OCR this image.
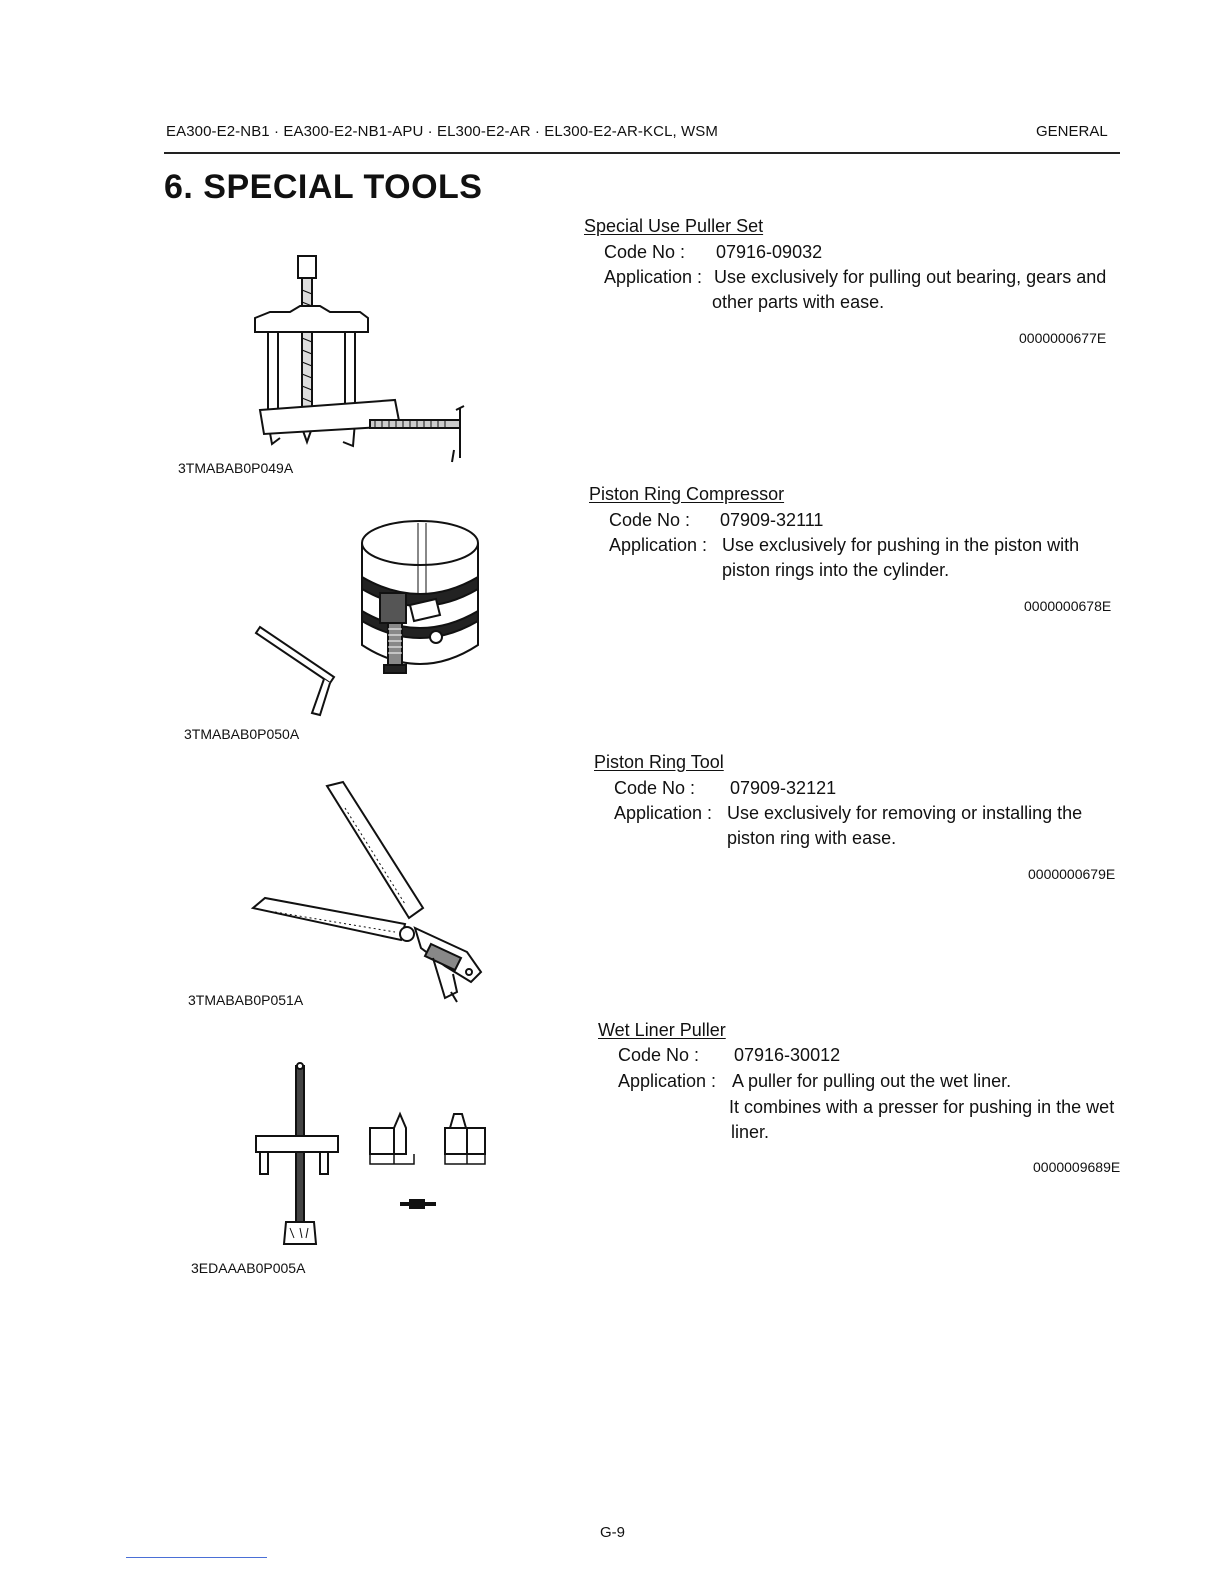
EA300-E2-NB1 · EA300-E2-NB1-APU · EL300-E2-AR · EL300-E2-AR-KCL, WSM	GENERAL
6. SPECIAL TOOLS
3TMABAB0P049A
Special Use Puller Set
Code No : 07916-09032
Application : Use exclusively for pulling out bearing, gears and
other parts with ease.
0000000677E
3TMABAB0P050A
Piston Ring Compressor
Code No : 07909-32111
Application : Use exclusively for pushing in the piston with
piston rings into the cylinder.
0000000678E
3TMABAB0P051A
Piston Ring Tool
Code No : 07909-32121
Application : Use exclusively for removing or installing the
piston ring with ease.
0000000679E
3EDAAAB0P005A
Wet Liner Puller
Code No : 07916-30012
Application : A puller for pulling out the wet liner.
It combines with a presser for pushing in the wet
liner.
0000009689E
G-9
